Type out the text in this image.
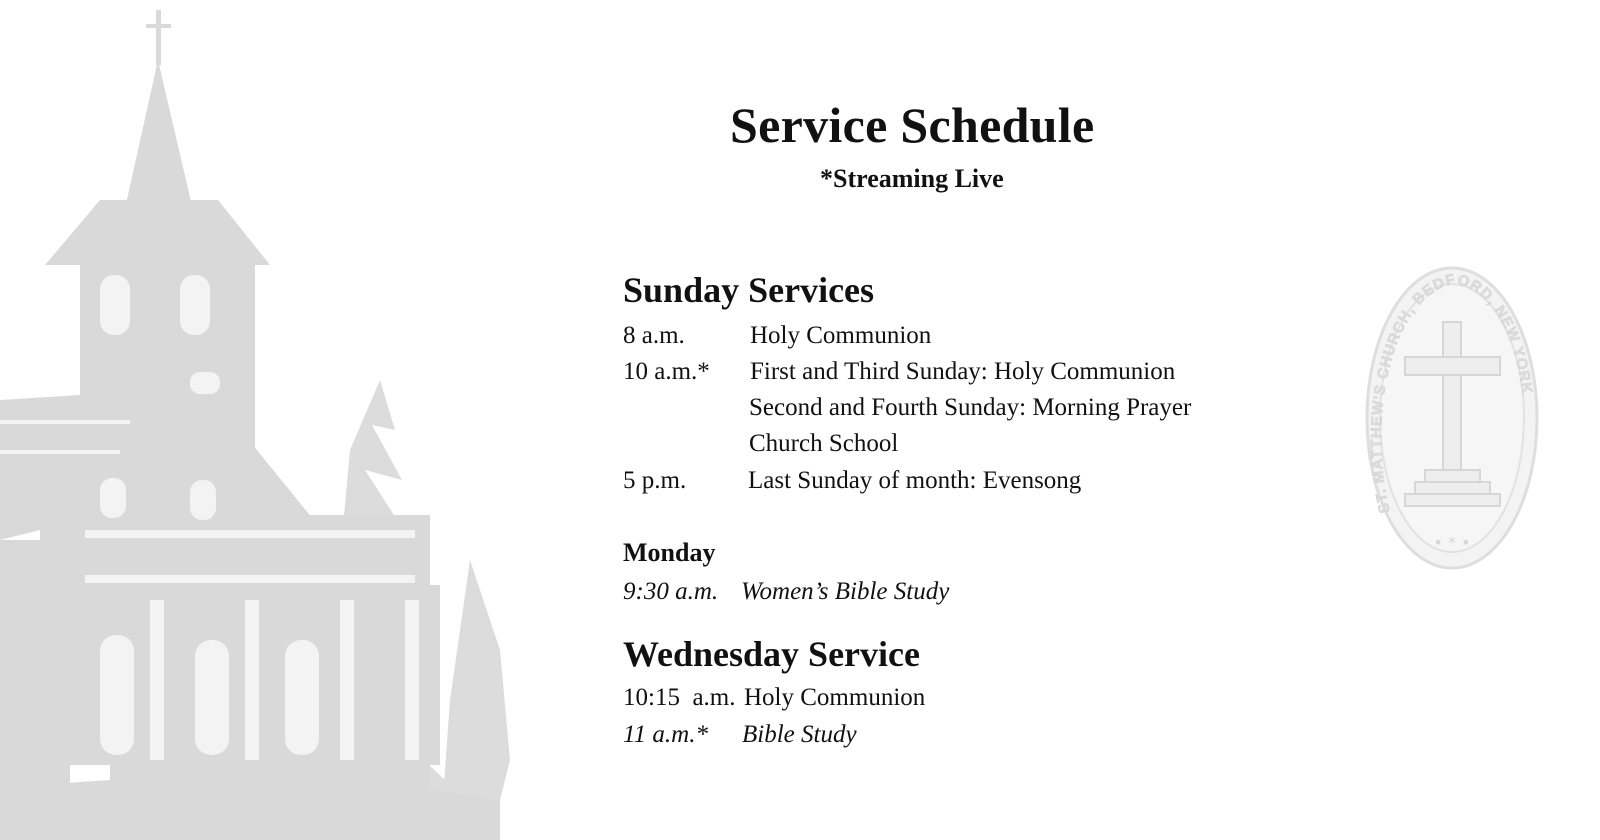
ST. MATTHEW'S CHURCH, BEDFORD, NEW YORK
• * •
Service Schedule

*Streaming Live

Sunday Services
8 a.m.	Holy Communion
10 a.m.* First and Third Sunday: Holy Communion
Second and Fourth Sunday: Morning Prayer
Church School
5 p.m. Last Sunday of month: Evensong
Monday
9:30 a.m. Women’s Bible Study
Wednesday Service
10:15  a.m. Holy Communion
11 a.m.* Bible Study
